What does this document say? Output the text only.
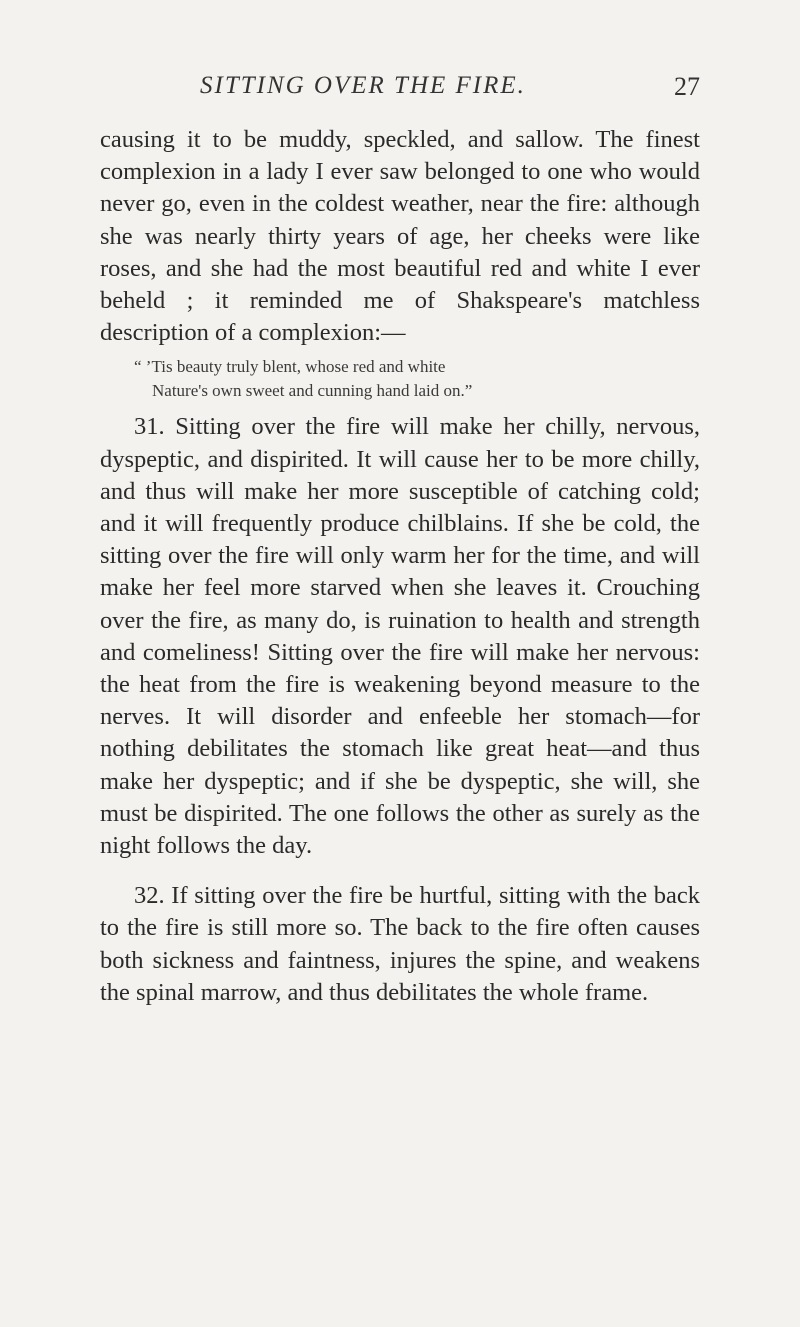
SITTING OVER THE FIRE.	27

causing it to be muddy, speckled, and sallow. The finest complexion in a lady I ever saw belonged to one who would never go, even in the coldest weather, near the fire: although she was nearly thirty years of age, her cheeks were like roses, and she had the most beautiful red and white I ever beheld ; it reminded me of Shakspeare's matchless description of a complexion:—

“ ’Tis beauty truly blent, whose red and white
Nature's own sweet and cunning hand laid on.”

31. Sitting over the fire will make her chilly, nervous, dyspeptic, and dispirited. It will cause her to be more chilly, and thus will make her more susceptible of catching cold; and it will frequently produce chilblains. If she be cold, the sitting over the fire will only warm her for the time, and will make her feel more starved when she leaves it. Crouching over the fire, as many do, is ruination to health and strength and comeliness! Sitting over the fire will make her nervous: the heat from the fire is weakening beyond measure to the nerves. It will disorder and enfeeble her stomach—for nothing debilitates the stomach like great heat—and thus make her dyspeptic; and if she be dyspeptic, she will, she must be dispirited. The one follows the other as surely as the night follows the day.

32. If sitting over the fire be hurtful, sitting with the back to the fire is still more so. The back to the fire often causes both sickness and faintness, injures the spine, and weakens the spinal marrow, and thus debilitates the whole frame.
